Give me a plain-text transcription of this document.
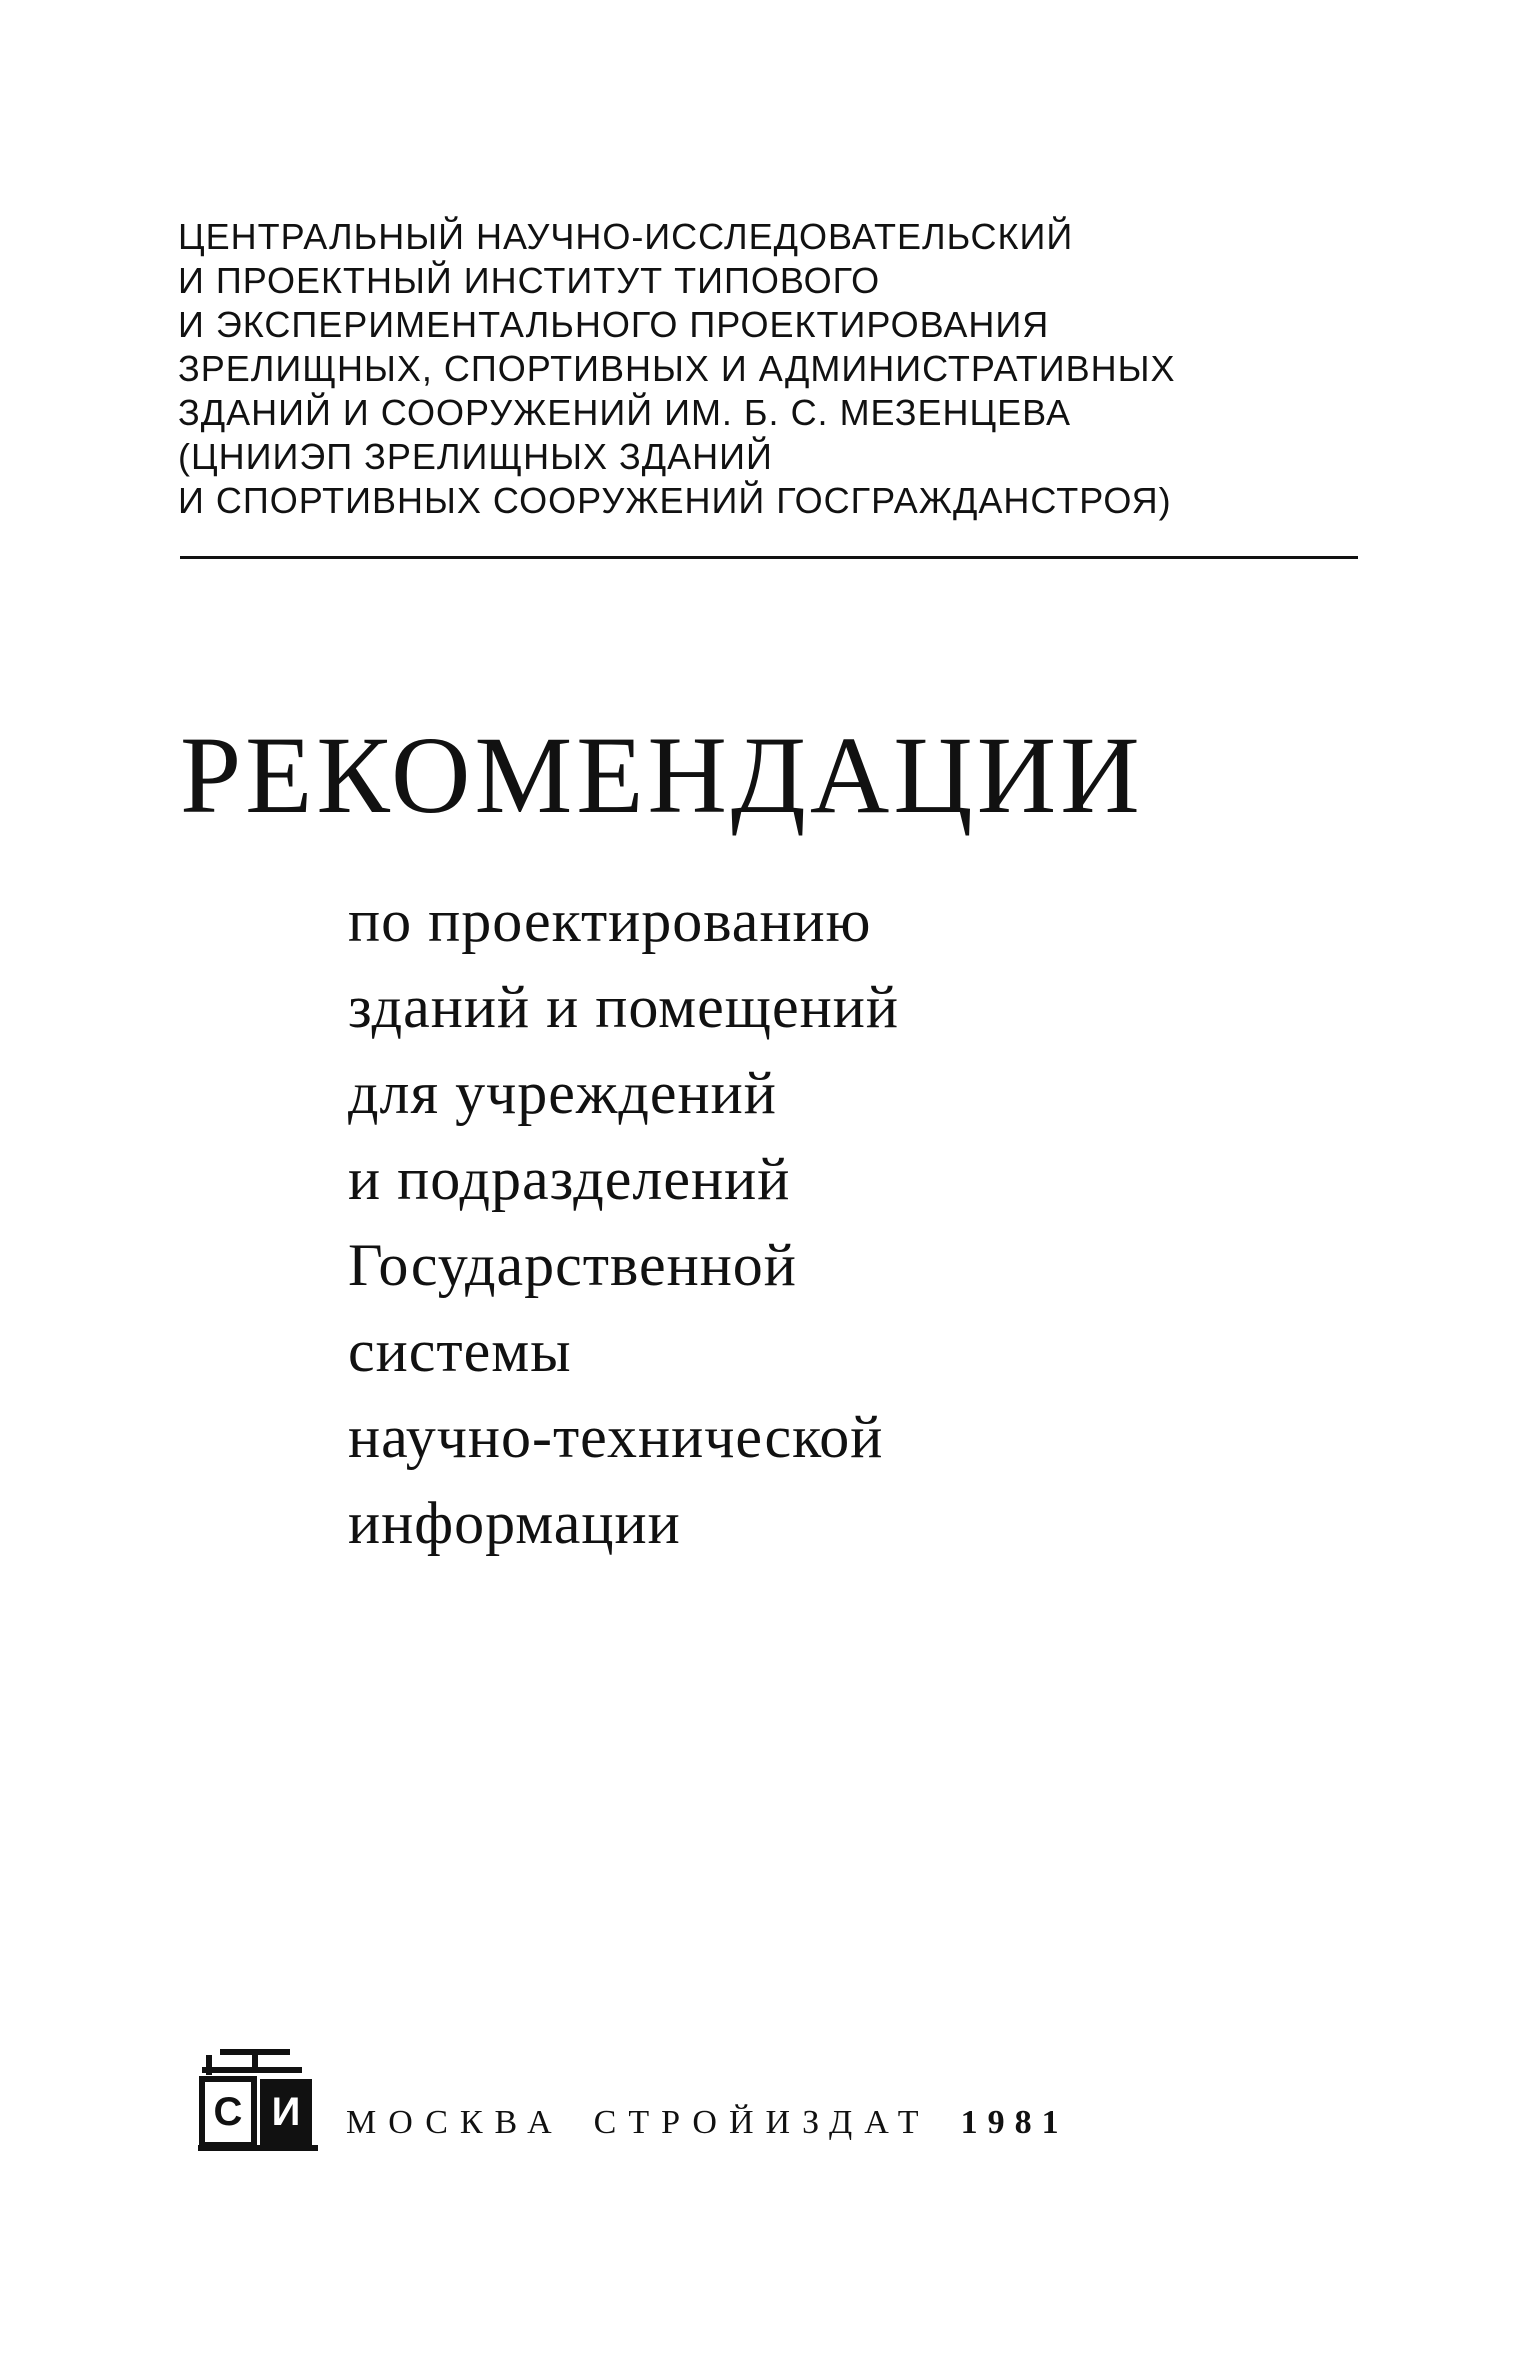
ЦЕНТРАЛЬНЫЙ НАУЧНО-ИССЛЕДОВАТЕЛЬСКИЙ
И ПРОЕКТНЫЙ ИНСТИТУТ ТИПОВОГО
И ЭКСПЕРИМЕНТАЛЬНОГО ПРОЕКТИРОВАНИЯ
ЗРЕЛИЩНЫХ, СПОРТИВНЫХ И АДМИНИСТРАТИВНЫХ
ЗДАНИЙ И СООРУЖЕНИЙ ИМ. Б. С. МЕЗЕНЦЕВА
(ЦНИИЭП ЗРЕЛИЩНЫХ ЗДАНИЙ
И СПОРТИВНЫХ СООРУЖЕНИЙ ГОСГРАЖДАНСТРОЯ)
РЕКОМЕНДАЦИИ
по проектированию
зданий и помещений
для учреждений
и подразделений
Государственной
системы
научно-технической
информации
С И МОСКВА СТРОЙИЗДАТ 1981
